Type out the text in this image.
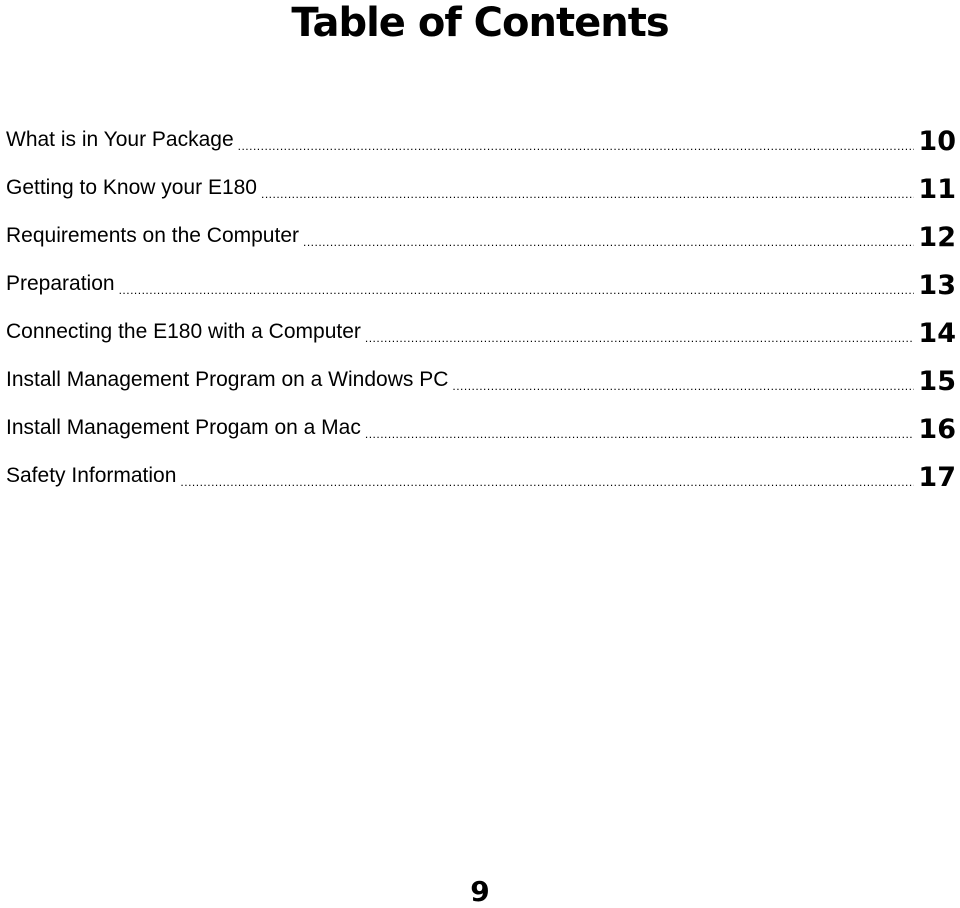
Table of Contents
What is in Your Package .....	10
Getting to Know your E180 .....	11
Requirements on the Computer .....	12
Preparation .....	13
Connecting the E180 with a Computer .....	14
Install Management Program on a Windows PC .....	15
Install Management Progam on a Mac .....	16
Safety Information .....	17
9
